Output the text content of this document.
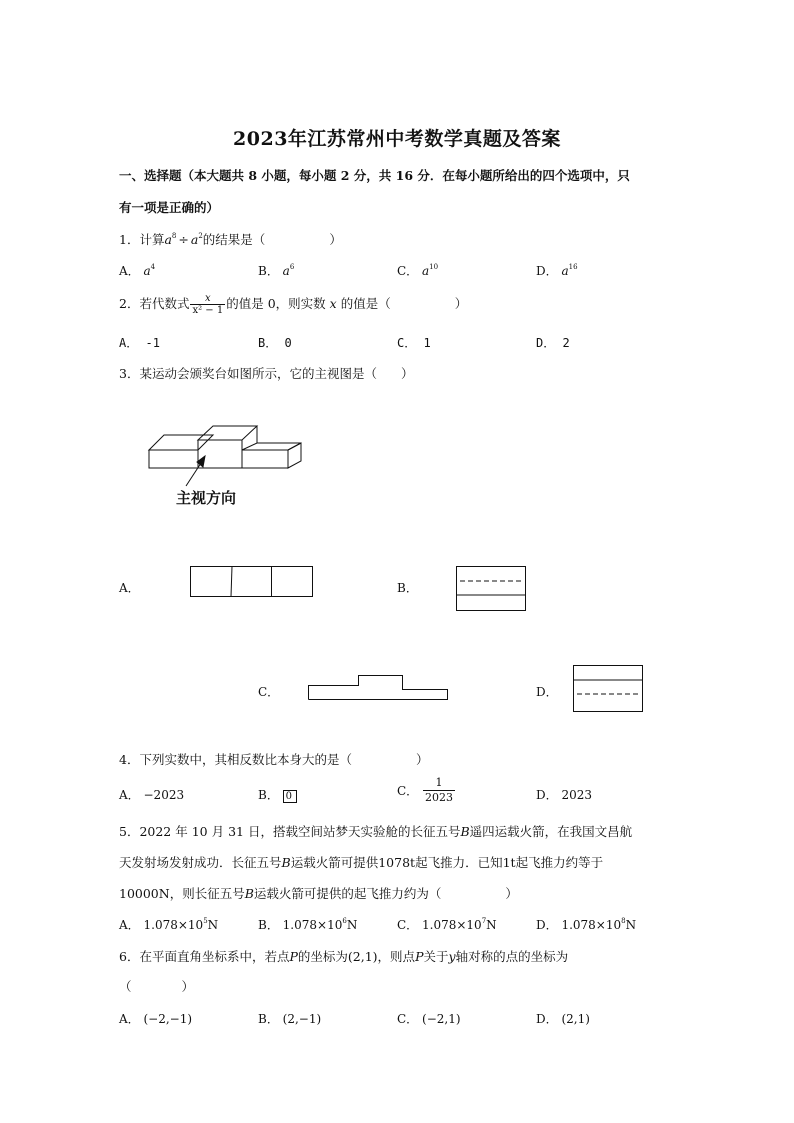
2023年江苏常州中考数学真题及答案
一、选择题（本大题共 8 小题，每小题 2 分，共 16 分．在每小题所给出的四个选项中，只
有一项是正确的）
1．计算$a^8 \div a^2$的结果是（	）
A． $a^4$	B． $a^6$	C． $a^{10}$	D． $a^{16}$
2．若代数式 $\frac{x}{\text{x² − 1}}$ 的值是 0，则实数 x 的值是（	）
A． -1	B． 0	C． 1	D． 2
3．某运动会颁奖台如图所示，它的主视图是（ ）
主视方向
A．	B．
C．	D．
4．下列实数中，其相反数比本身大的是（	）
A． −2023	B． 0	C． $\frac{1}{2023}$	D． 2023
5．2022 年 10 月 31 日，搭载空间站梦天实验舱的长征五号B遥四运载火箭，在我国文昌航
天发射场发射成功．长征五号B运载火箭可提供1078t起飞推力．已知1t起飞推力约等于
10000N，则长征五号B运载火箭可提供的起飞推力约为（	）
A． $1.078\times 10^5N$	B． $1.078\times 10^6N$	C． $1.078\times 10^7N$	D． $1.078\times 10^8N$
6．在平面直角坐标系中，若点P的坐标为(2,1)，则点P关于y轴对称的点的坐标为
（　　　　）
A． (−2,−1)	B． (2,−1)	C． (−2,1)	D． (2,1)
